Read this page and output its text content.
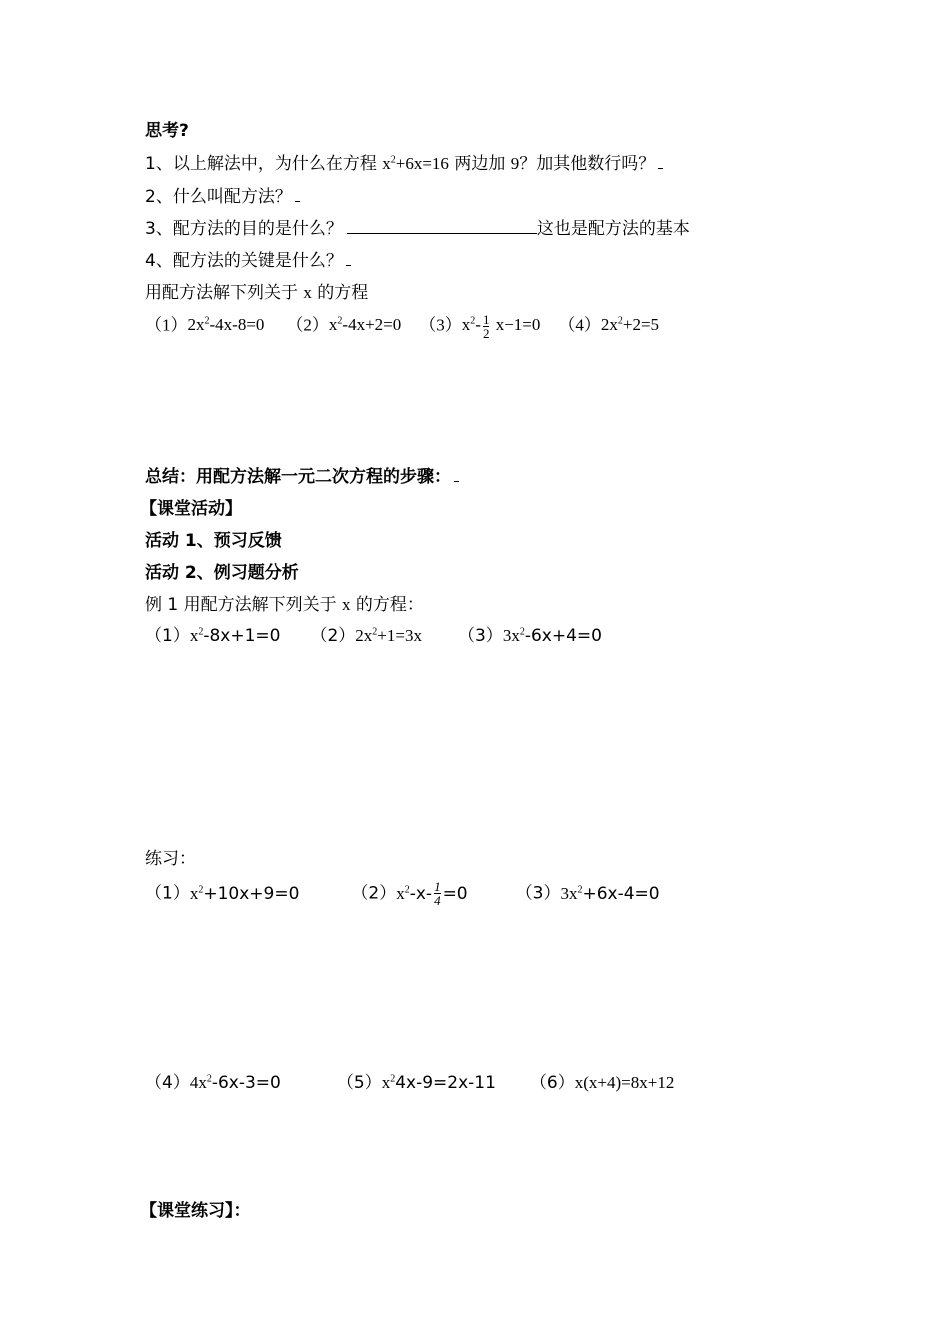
思考?
1、以上解法中，为什么在方程 $x^2+6x=16$ 两边加 9？加其他数行吗？
2、什么叫配方法？
3、配方法的目的是什么？	这也是配方法的基本
4、配方法的关键是什么？
用配方法解下列关于 x 的方程
$(1)2x^2-4x-8=0$ $(2)x^2-4x+2=0$ $(3)x^2- \frac{1}{2} x-1=0$ $(4)2x^2+2=5$
总结：用配方法解一元二次方程的步骤：
【课堂活动】
活动 1、预习反馈
活动 2、例习题分析
例 1 用配方法解下列关于 x 的方程：
$(1)x^2-8x+1=0$ $(2)2x^2+1=3x$ $(3)3x^2-6x+4=0$
练习：
$(1)x^2+10x+9=0$	$(2)x^2-x- \frac{1}{4} =0$	$(3)3x^2+6x-4=0$
$(4)4x^2-6x-3=0$	$(5)x^24x-9=2x-11$ （6）x(x+4)=8x+12
【课堂练习】：
